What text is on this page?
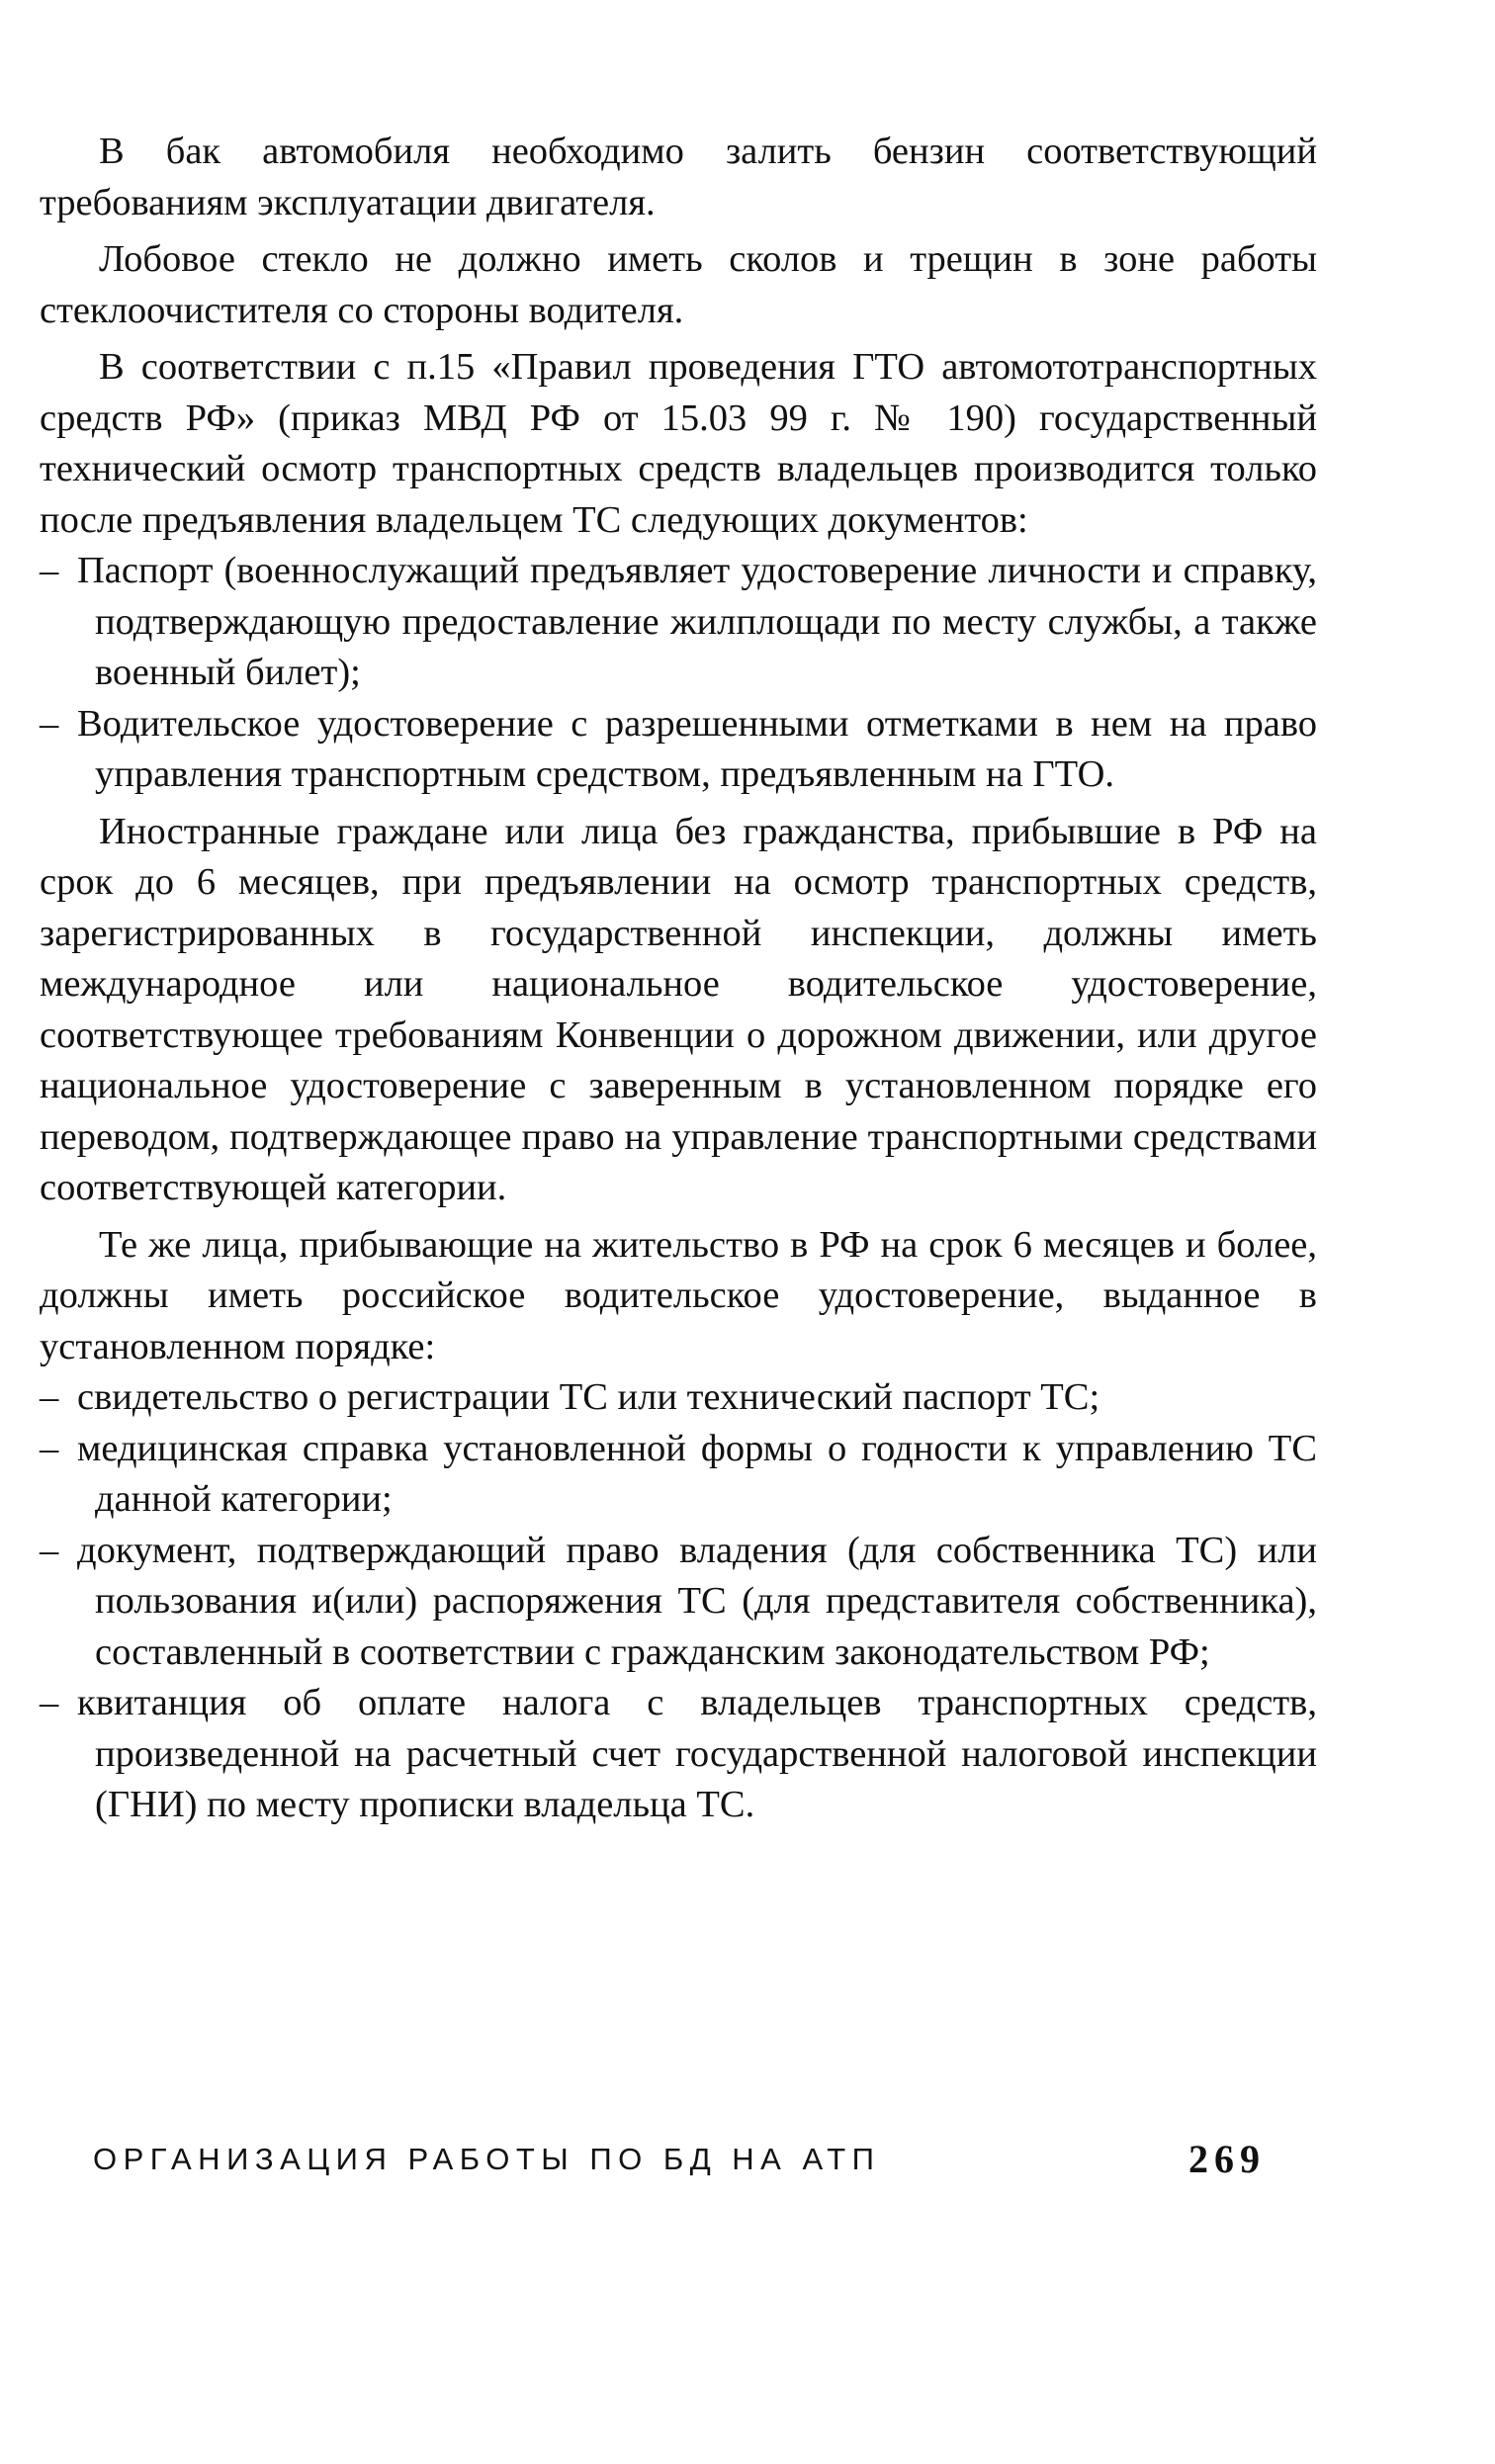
В бак автомобиля необходимо залить бензин соответствующий требованиям эксплуатации двигателя.

Лобовое стекло не должно иметь сколов и трещин в зоне работы стеклоочистителя со стороны водителя.

В соответствии с п.15 «Правил проведения ГТО автомототранспортных средств РФ» (приказ МВД РФ от 15.03 99 г. № 190) государственный технический осмотр транспортных средств владельцев производится только после предъявления владельцем ТС следующих документов:

– Паспорт (военнослужащий предъявляет удостоверение личности и справку, подтверждающую предоставление жилплощади по месту службы, а также военный билет);
– Водительское удостоверение с разрешенными отметками в нем на право управления транспортным средством, предъявленным на ГТО.

Иностранные граждане или лица без гражданства, прибывшие в РФ на срок до 6 месяцев, при предъявлении на осмотр транспортных средств, зарегистрированных в государственной инспекции, должны иметь международное или национальное водительское удостоверение, соответствующее требованиям Конвенции о дорожном движении, или другое национальное удостоверение с заверенным в установленном порядке его переводом, подтверждающее право на управление транспортными средствами соответствующей категории.

Те же лица, прибывающие на жительство в РФ на срок 6 месяцев и более, должны иметь российское водительское удостоверение, выданное в установленном порядке:

– свидетельство о регистрации ТС или технический паспорт ТС;
– медицинская справка установленной формы о годности к управлению ТС данной категории;
– документ, подтверждающий право владения (для собственника ТС) или пользования и(или) распоряжения ТС (для представителя собственника), составленный в соответствии с гражданским законодательством РФ;
– квитанция об оплате налога с владельцев транспортных средств, произведенной на расчетный счет государственной налоговой инспекции (ГНИ) по месту прописки владельца ТС.
ОРГАНИЗАЦИЯ РАБОТЫ ПО БД НА АТП	269
